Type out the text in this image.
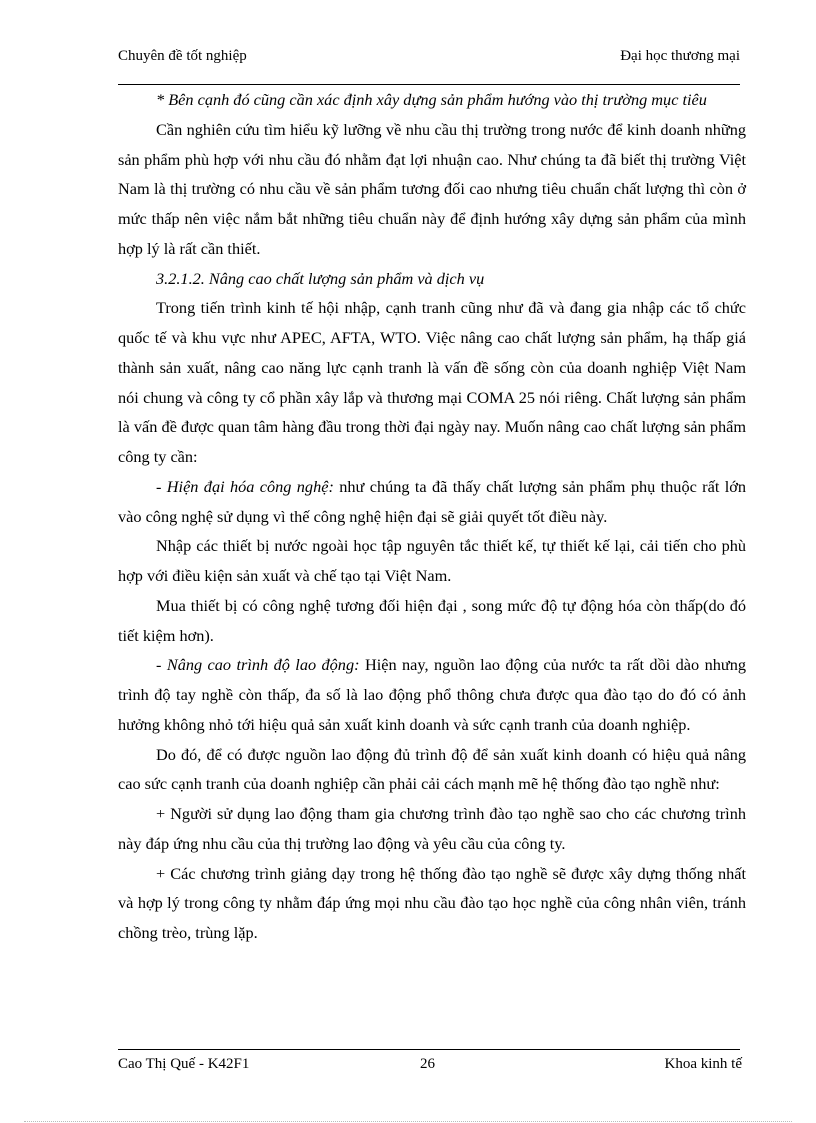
Chuyên đề tốt nghiệp	Đại học thương mại

* Bên cạnh đó cũng cần xác định xây dựng sản phẩm hướng vào thị trường mục tiêu

Cần nghiên cứu tìm hiểu kỹ lưỡng về nhu cầu thị trường trong nước để kinh doanh những sản phẩm phù hợp với nhu cầu đó nhằm đạt lợi nhuận cao. Như chúng ta đã biết thị trường Việt Nam là thị trường có nhu cầu về sản phẩm tương đối cao nhưng tiêu chuẩn chất lượng thì còn ở mức thấp nên việc nắm bắt những tiêu chuẩn này để định hướng xây dựng sản phẩm của mình hợp lý là rất cần thiết.

3.2.1.2. Nâng cao chất lượng sản phẩm và dịch vụ

Trong tiến trình kinh tế hội nhập, cạnh tranh cũng như đã và đang gia nhập các tổ chức quốc tế và khu vực như APEC, AFTA, WTO. Việc nâng cao chất lượng sản phẩm, hạ thấp giá thành sản xuất, nâng cao năng lực cạnh tranh là vấn đề sống còn của doanh nghiệp Việt Nam nói chung và công ty cổ phần xây lắp và thương mại COMA 25 nói riêng. Chất lượng sản phẩm là vấn đề được quan tâm hàng đầu trong thời đại ngày nay. Muốn nâng cao chất lượng sản phẩm công ty cần:

- Hiện đại hóa công nghệ: như chúng ta đã thấy chất lượng sản phẩm phụ thuộc rất lớn vào công nghệ sử dụng vì thế công nghệ hiện đại sẽ giải quyết tốt điều này.

Nhập các thiết bị nước ngoài học tập nguyên tắc thiết kế, tự thiết kế lại, cải tiến cho phù hợp với điều kiện sản xuất và chế tạo tại Việt Nam.

Mua thiết bị có công nghệ tương đối hiện đại , song mức độ tự động hóa còn thấp(do đó tiết kiệm hơn).

- Nâng cao trình độ lao động: Hiện nay, nguồn lao động của nước ta rất dồi dào nhưng trình độ tay nghề còn thấp, đa số là lao động phổ thông chưa được qua đào tạo do đó có ảnh hưởng không nhỏ tới hiệu quả sản xuất kinh doanh và sức cạnh tranh của doanh nghiệp.

Do đó, để có được nguồn lao động đủ trình độ để sản xuất kinh doanh có hiệu quả nâng cao sức cạnh tranh của doanh nghiệp cần phải cải cách mạnh mẽ hệ thống đào tạo nghề như:

+ Người sử dụng lao động tham gia chương trình đào tạo nghề sao cho các chương trình này đáp ứng nhu cầu của thị trường lao động và yêu cầu của công ty.

+ Các chương trình giảng dạy trong hệ thống đào tạo nghề sẽ được xây dựng thống nhất và hợp lý trong công ty nhằm đáp ứng mọi nhu cầu đào tạo học nghề của công nhân viên, tránh chồng trèo, trùng lặp.

Cao Thị Quế - K42F1	26	Khoa kinh tế
